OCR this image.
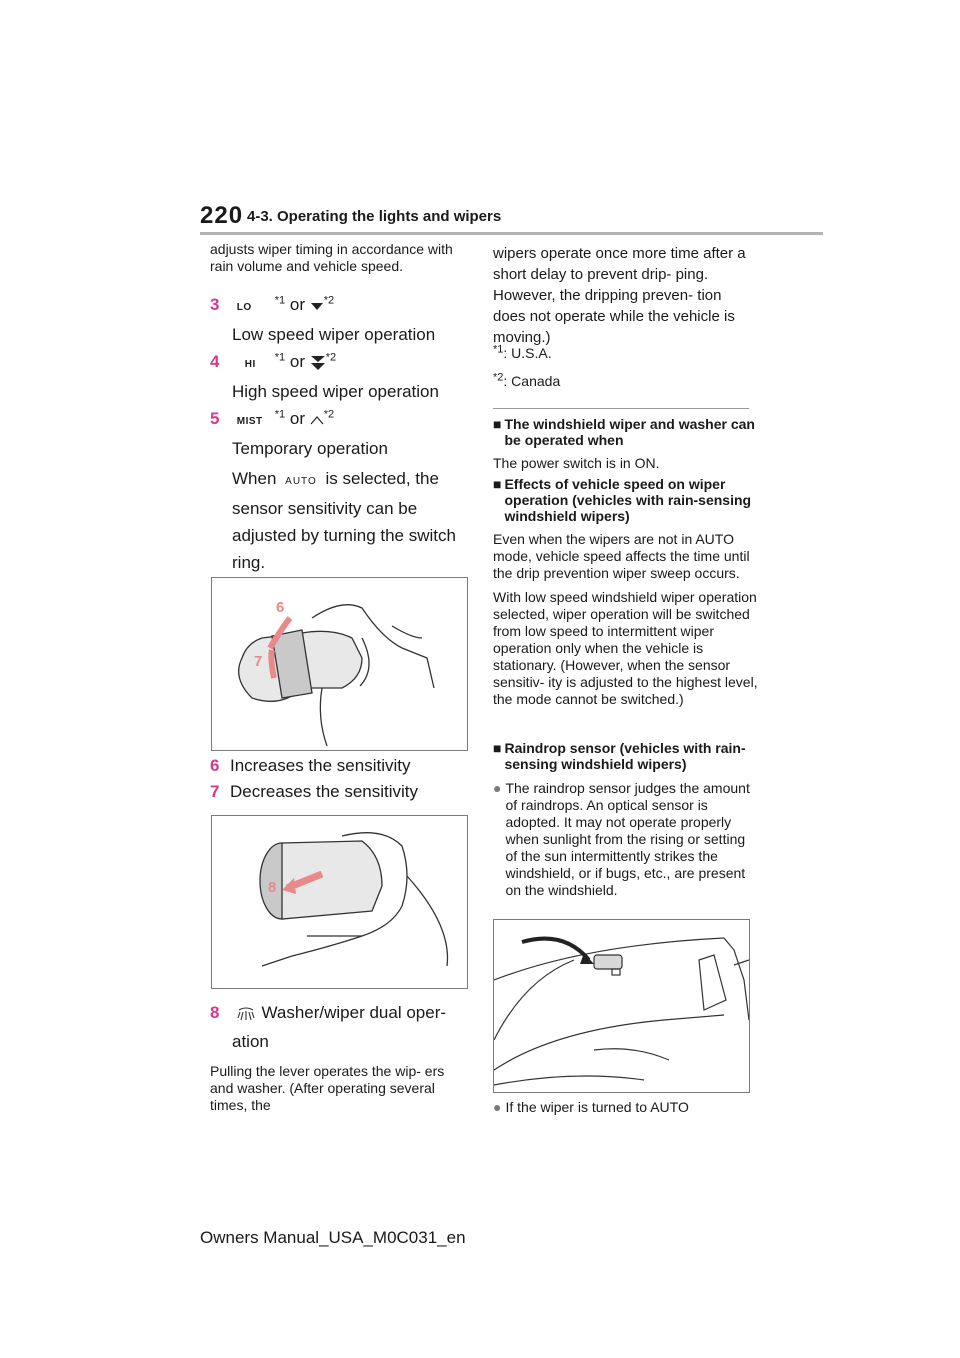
220 4-3. Operating the lights and wipers
adjusts wiper timing in accordance with rain volume and vehicle speed.
3 LO$^{*1}$ or $^{*2}$
Low speed wiper operation
4	HI$^{*1}$ or $^{*2}$
High speed wiper operation
5 MIST$^{*1}$ or $^{*2}$
Temporary operation
When AUTO is selected, the
sensor sensitivity can be adjusted by turning the switch ring.
6
7
6 Increases the sensitivity
7 Decreases the sensitivity
8
8 Washer/wiper dual oper-
ation
Pulling the lever operates the wip- ers and washer. (After operating several times, the
wipers operate once more time after a short delay to prevent drip- ping. However, the dripping preven- tion does not operate while the vehicle is moving.)
$^{*1}$: U.S.A.
$^{*2}$: Canada
■ The windshield wiper and washer can be operated when
The power switch is in ON.
■ Effects of vehicle speed on wiper operation (vehicles with rain-sensing windshield wipers)
Even when the wipers are not in AUTO mode, vehicle speed affects the time until the drip prevention wiper sweep occurs.
With low speed windshield wiper operation selected, wiper operation will be switched from low speed to intermittent wiper operation only when the vehicle is stationary. (However, when the sensor sensitiv- ity is adjusted to the highest level, the mode cannot be switched.)
■ Raindrop sensor (vehicles with rain-sensing windshield wipers)
● The raindrop sensor judges the amount of raindrops. An optical sensor is adopted. It may not operate properly when sunlight from the rising or setting of the sun intermittently strikes the windshield, or if bugs, etc., are present on the windshield.
● If the wiper is turned to AUTO
Owners Manual_USA_M0C031_en
